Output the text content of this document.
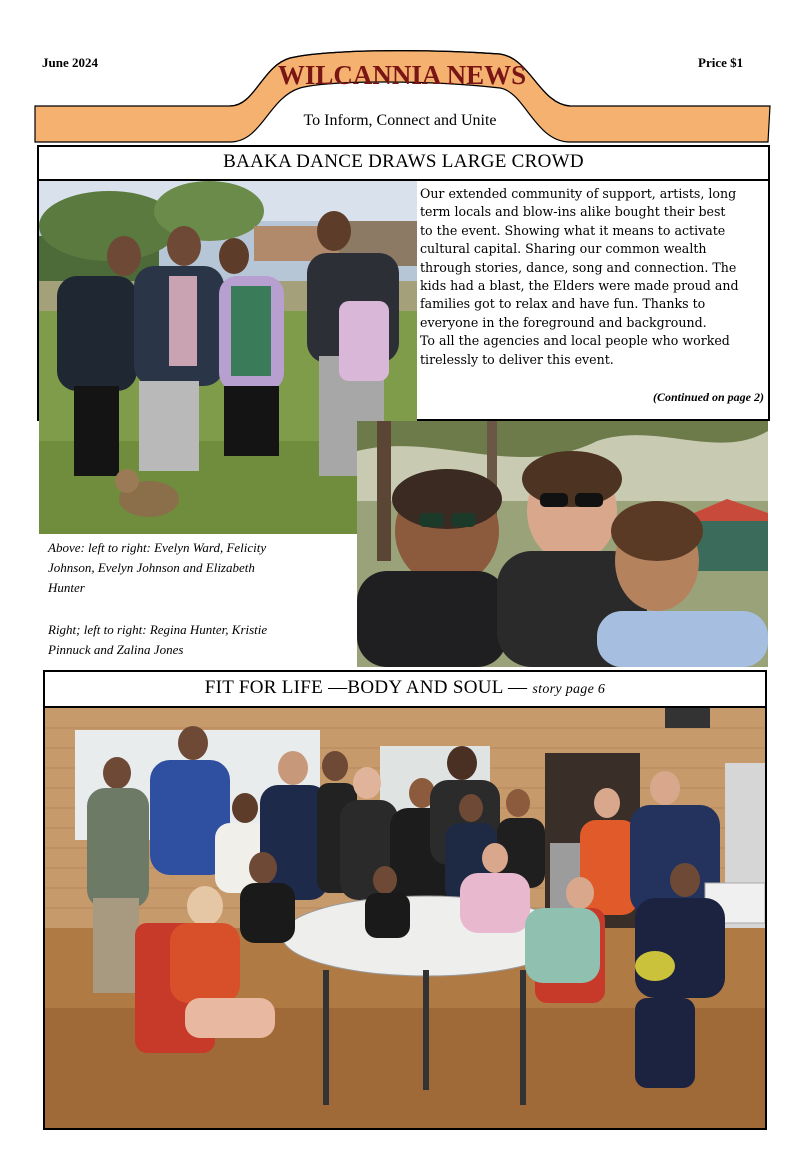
June 2024	Price $1
WILCANNIA NEWS
To Inform, Connect and Unite
BAAKA DANCE DRAWS LARGE CROWD
Our extended community of support, artists, long
term locals and blow-ins alike bought their best
to the event. Showing what it means to activate
cultural capital. Sharing our common wealth
through stories, dance, song and connection. The
kids had a blast, the Elders were made proud and
families got to relax and have fun. Thanks to
everyone in the foreground and background.
To all the agencies and local people who worked
tirelessly to deliver this event.
(Continued on page 2)
Above: left to right: Evelyn Ward, Felicity
Johnson, Evelyn Johnson and Elizabeth
Hunter
Right; left to right: Regina Hunter, Kristie
Pinnuck and Zalina Jones
FIT FOR LIFE —BODY AND SOUL — story page 6
